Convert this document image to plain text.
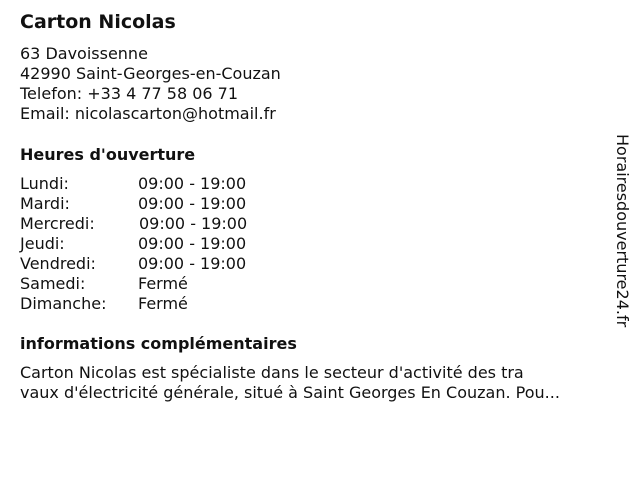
Carton Nicolas
63 Davoissenne
42990 Saint-Georges-en-Couzan
Telefon: +33 4 77 58 06 71
Email: nicolascarton@hotmail.fr
Heures d'ouverture
Lundi:	09:00 - 19:00
Mardi:	09:00 - 19:00
Mercredi:	09:00 - 19:00
Jeudi:	09:00 - 19:00
Vendredi:	09:00 - 19:00
Samedi:	Fermé
Dimanche: Fermé
informations complémentaires
Carton Nicolas est spécialiste dans le secteur d'activité des tra
vaux d'électricité générale, situé à Saint Georges En Couzan. Pou...
Horairesdouverture24.fr
